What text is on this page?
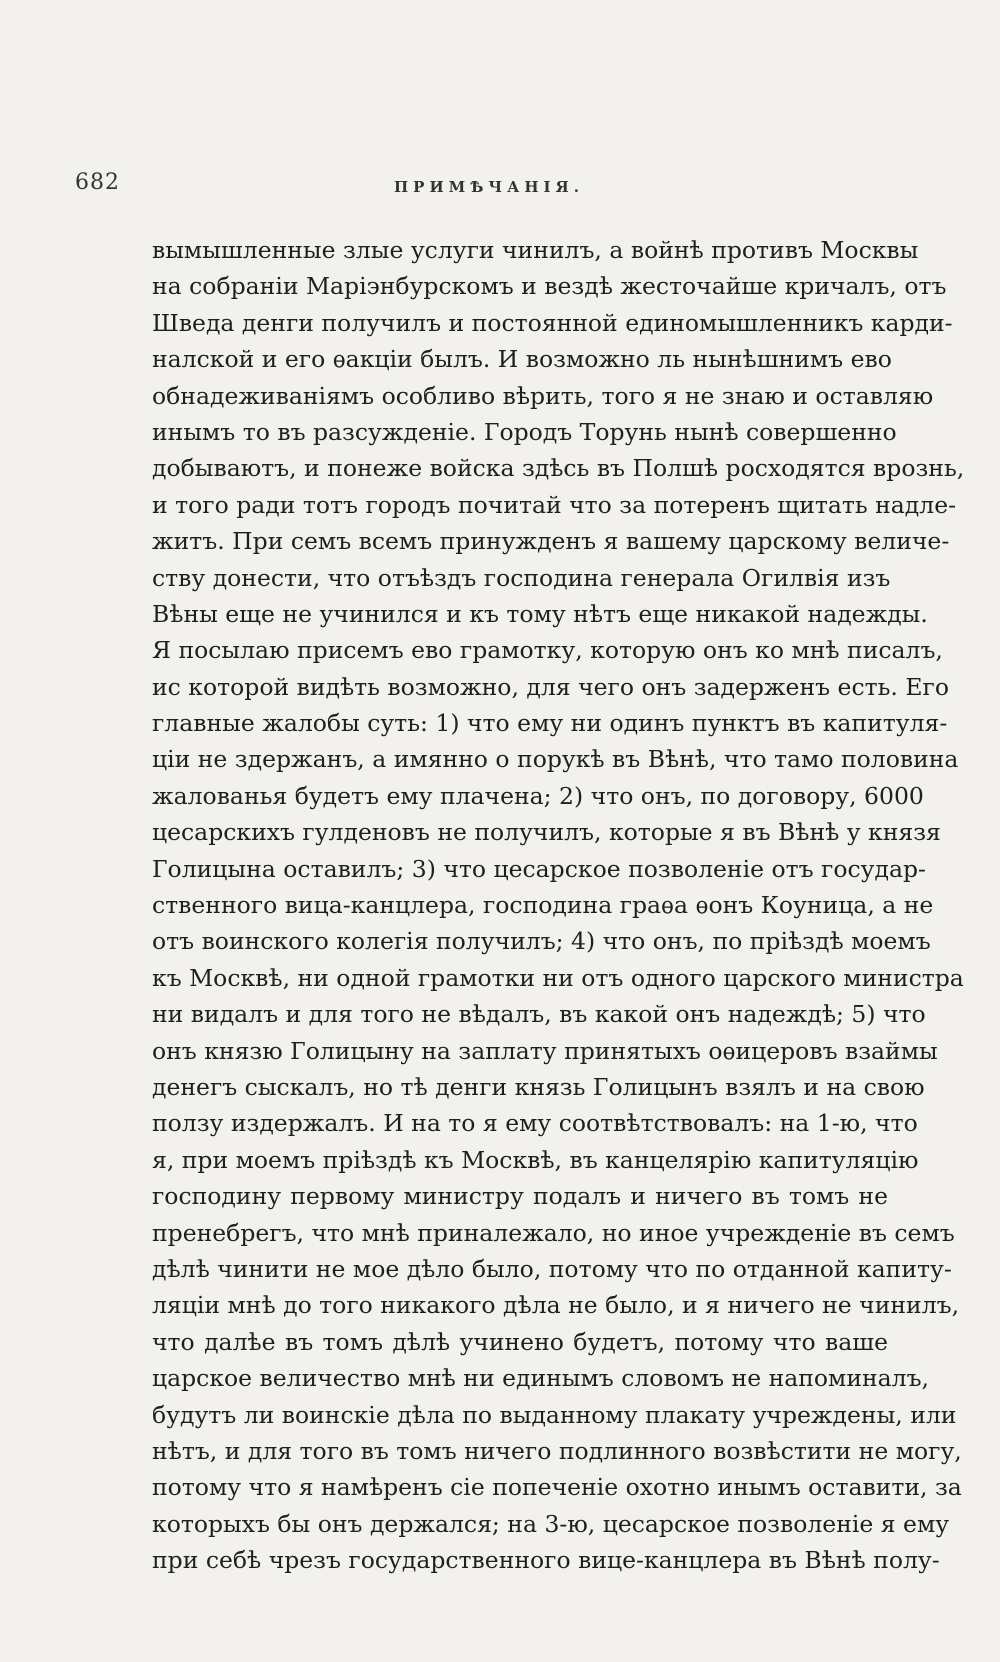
682	ПРИМѢЧАНІЯ.
вымышленные злые услуги чинилъ, а войнѣ противъ Москвы
на собраніи Маріэнбурскомъ и вездѣ жесточайше кричалъ, отъ
Шведа денги получилъ и постоянной единомышленникъ карди-
налской и его ѳакціи былъ. И возможно ль нынѣшнимъ ево
обнадеживаніямъ особливо вѣрить, того я не знаю и оставляю
инымъ то въ разсужденіе. Городъ Торунь нынѣ совершенно
добываютъ, и понеже войска здѣсь въ Полшѣ росходятся врознь,
и того ради тотъ городъ почитай что за потеренъ щитать надле-
житъ. При семъ всемъ принужденъ я вашему царскому величе-
ству донести, что отъѣздъ господина генерала Огилвія изъ
Вѣны еще не учинился и къ тому нѣтъ еще никакой надежды.
Я посылаю присемъ ево грамотку, которую онъ ко мнѣ писалъ,
ис которой видѣть возможно, для чего онъ задерженъ есть. Его
главные жалобы суть: 1) что ему ни одинъ пунктъ въ капитуля-
ціи не здержанъ, а имянно о порукѣ въ Вѣнѣ, что тамо половина
жалованья будетъ ему плачена; 2) что онъ, по договору, 6000
цесарскихъ гулденовъ не получилъ, которые я въ Вѣнѣ у князя
Голицына оставилъ; 3) что цесарское позволеніе отъ государ-
ственного вица-канцлера, господина граѳа ѳонъ Коуница, а не
отъ воинского колегія получилъ; 4) что онъ, по пріѣздѣ моемъ
къ Москвѣ, ни одной грамотки ни отъ одного царского министра
ни видалъ и для того не вѣдалъ, въ какой онъ надеждѣ; 5) что
онъ князю Голицыну на заплату принятыхъ оѳицеровъ взаймы
денегъ сыскалъ, но тѣ денги князь Голицынъ взялъ и на свою
ползу издержалъ. И на то я ему соотвѣтствовалъ: на 1-ю, что
я, при моемъ пріѣздѣ къ Москвѣ, въ канцелярію капитуляцію
господину первому министру подалъ и ничего въ томъ не
пренебрегъ, что мнѣ приналежало, но иное учрежденіе въ семъ
дѣлѣ чинити не мое дѣло было, потому что по отданной капиту-
ляціи мнѣ до того никакого дѣла не было, и я ничего не чинилъ,
что далѣе въ томъ дѣлѣ учинено будетъ, потому что ваше
царское величество мнѣ ни единымъ словомъ не напоминалъ,
будутъ ли воинскіе дѣла по выданному плакату учреждены, или
нѣтъ, и для того въ томъ ничего подлинного возвѣстити не могу,
потому что я намѣренъ сіе попеченіе охотно инымъ оставити, за
которыхъ бы онъ держался; на 3-ю, цесарское позволеніе я ему
при себѣ чрезъ государственного вице-канцлера въ Вѣнѣ полу-
